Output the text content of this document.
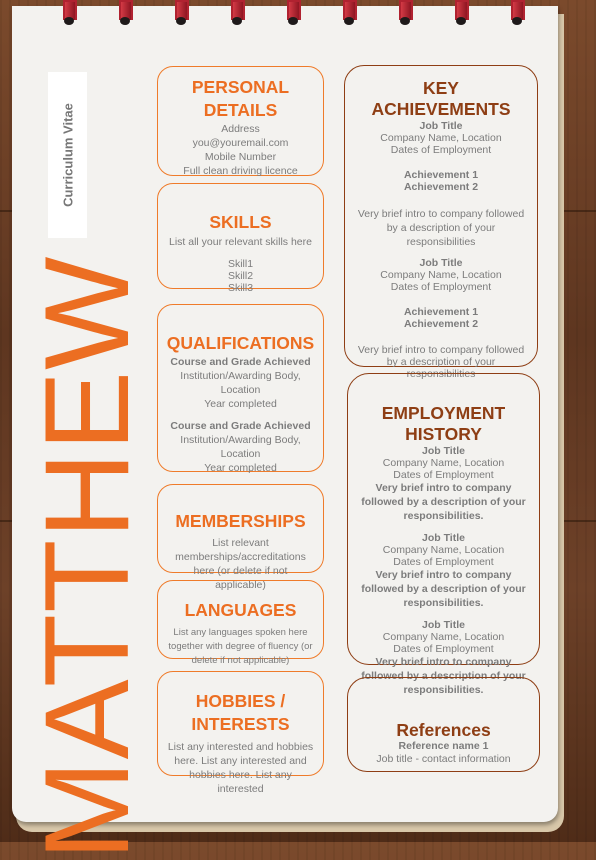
Curriculum Vitae
MATTHEW
PERSONAL DETAILS

Address

you@youremail.com

Mobile Number

Full clean driving licence

SKILLS

List all your relevant skills here

Skill1

Skill2

Skill3

QUALIFICATIONS

Course and Grade Achieved

Institution/Awarding Body, Location

Year completed

Course and Grade Achieved

Institution/Awarding Body, Location

Year completed

MEMBERSHIPS

List relevant memberships/accreditations here (or delete if not applicable)

LANGUAGES

List any languages spoken here together with degree of fluency (or delete if not applicable)

HOBBIES / INTERESTS

List any interested and hobbies here. List any interested and hobbies here. List any interested

KEY ACHIEVEMENTS

Job Title

Company Name, Location

Dates of Employment

Achievement 1

Achievement 2

Very brief intro to company followed by a description of your responsibilities

Job Title

Company Name, Location

Dates of Employment

Achievement 1

Achievement 2

Very brief intro to company followed by a description of your responsibilities

EMPLOYMENT HISTORY

Job Title

Company Name, Location

Dates of Employment

Very brief intro to company followed by a description of your responsibilities.

Job Title

Company Name, Location

Dates of Employment

Very brief intro to company followed by a description of your responsibilities.

Job Title

Company Name, Location

Dates of Employment

Very brief intro to company followed by a description of your responsibilities.

References

Reference name 1

Job title - contact information
